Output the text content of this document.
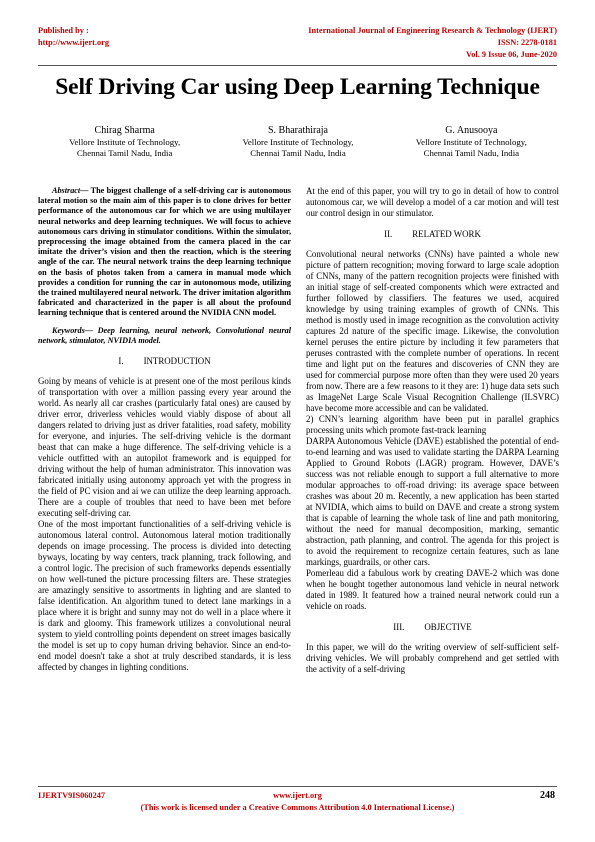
Published by :
http://www.ijert.org
International Journal of Engineering Research & Technology (IJERT)
ISSN: 2278-0181
Vol. 9 Issue 06, June-2020
Self Driving Car using Deep Learning Technique
Chirag Sharma
Vellore Institute of Technology,
Chennai Tamil Nadu, India
S. Bharathiraja
Vellore Institute of Technology,
Chennai Tamil Nadu, India
G. Anusooya
Vellore Institute of Technology,
Chennai Tamil Nadu, India

Abstract— The biggest challenge of a self-driving car is autonomous lateral motion so the main aim of this paper is to clone drives for better performance of the autonomous car for which we are using multilayer neural networks and deep learning techniques. We will focus to achieve autonomous cars driving in stimulator conditions. Within the simulator, preprocessing the image obtained from the camera placed in the car imitate the driver’s vision and then the reaction, which is the steering angle of the car. The neural network trains the deep learning technique on the basis of photos taken from a camera in manual mode which provides a condition for running the car in autonomous mode, utilizing the trained multilayered neural network. The driver imitation algorithm fabricated and characterized in the paper is all about the profound learning technique that is centered around the NVIDIA CNN model.

Keywords— Deep learning, neural network, Convolutional neural network, stimulator, NVIDIA model.

I. INTRODUCTION

Going by means of vehicle is at present one of the most perilous kinds of transportation with over a million passing every year around the world. As nearly all car crashes (particularly fatal ones) are caused by driver error, driverless vehicles would viably dispose of about all dangers related to driving just as driver fatalities, road safety, mobility for everyone, and injuries. The self-driving vehicle is the dormant beast that can make a huge difference. The self-driving vehicle is a vehicle outfitted with an autopilot framework and is equipped for driving without the help of human administrator. This innovation was fabricated initially using autonomy approach yet with the progress in the field of PC vision and ai we can utilize the deep learning approach. There are a couple of troubles that need to have been met before executing self-driving car.

One of the most important functionalities of a self-driving vehicle is autonomous lateral control. Autonomous lateral motion traditionally depends on image processing. The process is divided into detecting byways, locating by way centers, track planning, track following, and a control logic. The precision of such frameworks depends essentially on how well-tuned the picture processing filters are. These strategies are amazingly sensitive to assortments in lighting and are slanted to false identification. An algorithm tuned to detect lane markings in a place where it is bright and sunny may not do well in a place where it is dark and gloomy. This framework utilizes a convolutional neural system to yield controlling points dependent on street images basically the model is set up to copy human driving behavior. Since an end-to-end model doesn't take a shot at truly described standards, it is less affected by changes in lighting conditions.

At the end of this paper, you will try to go in detail of how to control autonomous car, we will develop a model of a car motion and will test our control design in our stimulator.

II. RELATED WORK

Convolutional neural networks (CNNs) have painted a whole new picture of pattern recognition; moving forward to large scale adoption of CNNs, many of the pattern recognition projects were finished with an initial stage of self-created components which were extracted and further followed by classifiers. The features we used, acquired knowledge by using training examples of growth of CNNs. This method is mostly used in image recognition as the convolution activity captures 2d nature of the specific image. Likewise, the convolution kernel peruses the entire picture by including it few parameters that peruses contrasted with the complete number of operations. In recent time and light put on the features and discoveries of CNN they are used for commercial purpose more often than they were used 20 years from now. There are a few reasons to it they are: 1) huge data sets such as ImageNet Large Scale Visual Recognition Challenge (ILSVRC) have become more accessible and can be validated.

2) CNN’s learning algorithm have been put in parallel graphics processing units which promote fast-track learning

DARPA Autonomous Vehicle (DAVE) established the potential of end-to-end learning and was used to validate starting the DARPA Learning Applied to Ground Robots (LAGR) program. However, DAVE’s success was not reliable enough to support a full alternative to more modular approaches to off-road driving: its average space between crashes was about 20 m. Recently, a new application has been started at NVIDIA, which aims to build on DAVE and create a strong system that is capable of learning the whole task of line and path monitoring, without the need for manual decomposition, marking, semantic abstraction, path planning, and control. The agenda for this project is to avoid the requirement to recognize certain features, such as lane markings, guardrails, or other cars.

Pomerleau did a fabulous work by creating DAVE-2 which was done when he bought together autonomous land vehicle in neural network dated in 1989. It featured how a trained neural network could run a vehicle on roads.

III. OBJECTIVE

In this paper, we will do the writing overview of self-sufficient self-driving vehicles. We will probably comprehend and get settled with the activity of a self-driving

IJERTV9IS060247	www.ijert.org	248
(This work is licensed under a Creative Commons Attribution 4.0 International License.)
